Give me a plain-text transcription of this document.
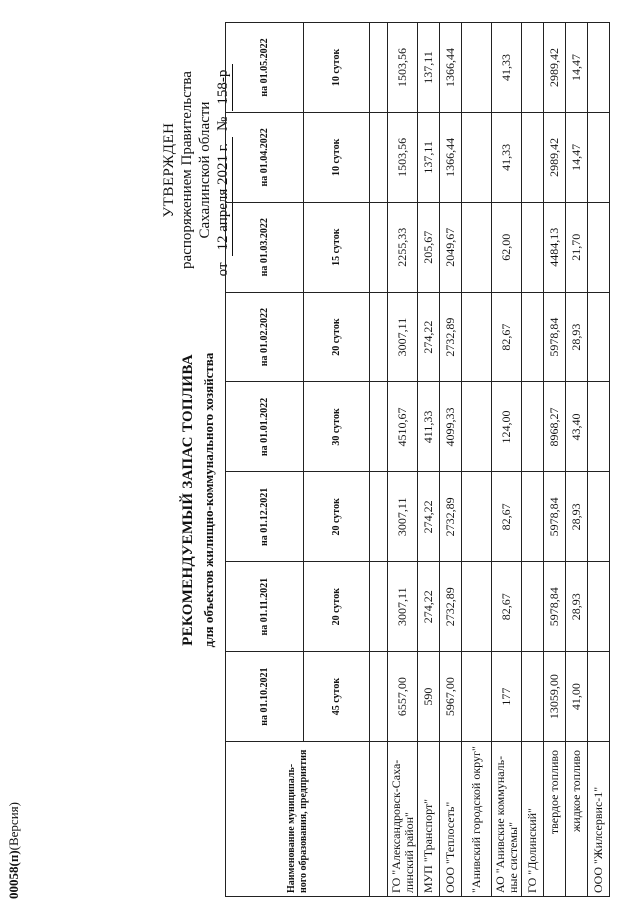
УТВЕРЖДЕН распоряжением Правительства Сахалинской области
от
12 апреля 2021 г.
№
158-р
РЕКОМЕНДУЕМЫЙ ЗАПАС ТОПЛИВА для объектов жилищно-коммунального хозяйства
Наименование муниципаль-ного образования, предприятия	на 01.10.2021	на 01.11.2021	на 01.12.2021	на 01.01.2022	на 01.02.2022	на 01.03.2022	на 01.04.2022	на 01.05.2022
	45 суток	20 суток	20 суток	30 суток	20 суток	15 суток	10 суток	10 суток

ГО "Александровск-Саха-линский район"	6557,00	3007,11	3007,11	4510,67	3007,11	2255,33	1503,56	1503,56
МУП "Транспорт"	590	274,22	274,22	411,33	274,22	205,67	137,11	137,11
ООО "Теплосеть"	5967,00	2732,89	2732,89	4099,33	2732,89	2049,67	1366,44	1366,44
"Анивский городской округ"								
АО "Анивские коммуналь-ные системы"	177	82,67	82,67	124,00	82,67	62,00	41,33	41,33
ГО "Долинский"								
твердое топливо	13059,00	5978,84	5978,84	8968,27	5978,84	4484,13	2989,42	2989,42
жидкое топливо	41,00	28,93	28,93	43,40	28,93	21,70	14,47	14,47
ООО "Жилсервис-1"								
00058(п)(Версия)
